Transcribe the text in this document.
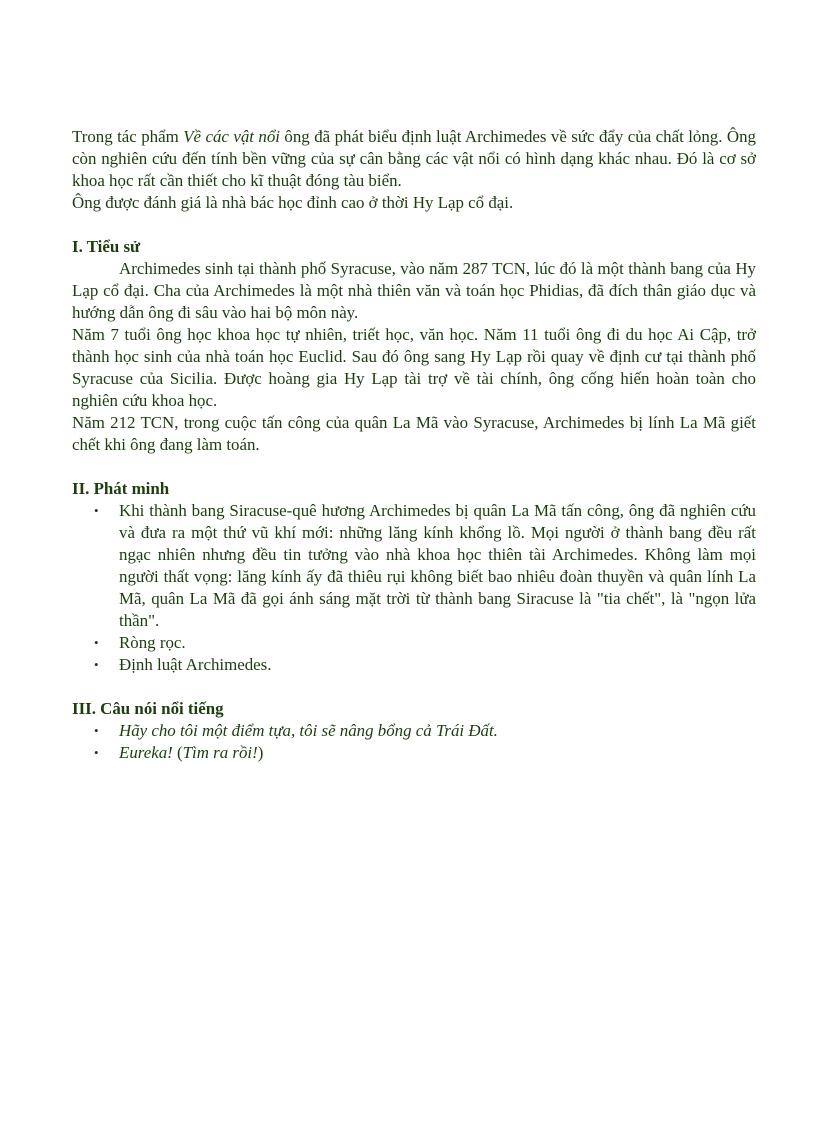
Trong tác phẩm Về các vật nổi ông đã phát biểu định luật Archimedes về sức đẩy của chất lỏng. Ông còn nghiên cứu đến tính bền vững của sự cân bằng các vật nổi có hình dạng khác nhau. Đó là cơ sở khoa học rất cần thiết cho kĩ thuật đóng tàu biển.

Ông được đánh giá là nhà bác học đỉnh cao ở thời Hy Lạp cổ đại.

I. Tiểu sử

Archimedes sinh tại thành phố Syracuse, vào năm 287 TCN, lúc đó là một thành bang của Hy Lạp cổ đại. Cha của Archimedes là một nhà thiên văn và toán học Phidias, đã đích thân giáo dục và hướng dẫn ông đi sâu vào hai bộ môn này.

Năm 7 tuổi ông học khoa học tự nhiên, triết học, văn học. Năm 11 tuổi ông đi du học Ai Cập, trở thành học sinh của nhà toán học Euclid. Sau đó ông sang Hy Lạp rồi quay về định cư tại thành phố Syracuse của Sicilia. Được hoàng gia Hy Lạp tài trợ về tài chính, ông cống hiến hoàn toàn cho nghiên cứu khoa học.

Năm 212 TCN, trong cuộc tấn công của quân La Mã vào Syracuse, Archimedes bị lính La Mã giết chết khi ông đang làm toán.

II. Phát minh
• Khi thành bang Siracuse-quê hương Archimedes bị quân La Mã tấn công, ông đã nghiên cứu và đưa ra một thứ vũ khí mới: những lăng kính khổng lồ. Mọi người ở thành bang đều rất ngạc nhiên nhưng đều tin tưởng vào nhà khoa học thiên tài Archimedes. Không làm mọi người thất vọng: lăng kính ấy đã thiêu rụi không biết bao nhiêu đoàn thuyền và quân lính La Mã, quân La Mã đã gọi ánh sáng mặt trời từ thành bang Siracuse là "tia chết", là "ngọn lửa thần".
• Ròng rọc.
• Định luật Archimedes.
III. Câu nói nổi tiếng
• Hãy cho tôi một điểm tựa, tôi sẽ nâng bổng cả Trái Đất.
• Eureka! (Tìm ra rồi!)
